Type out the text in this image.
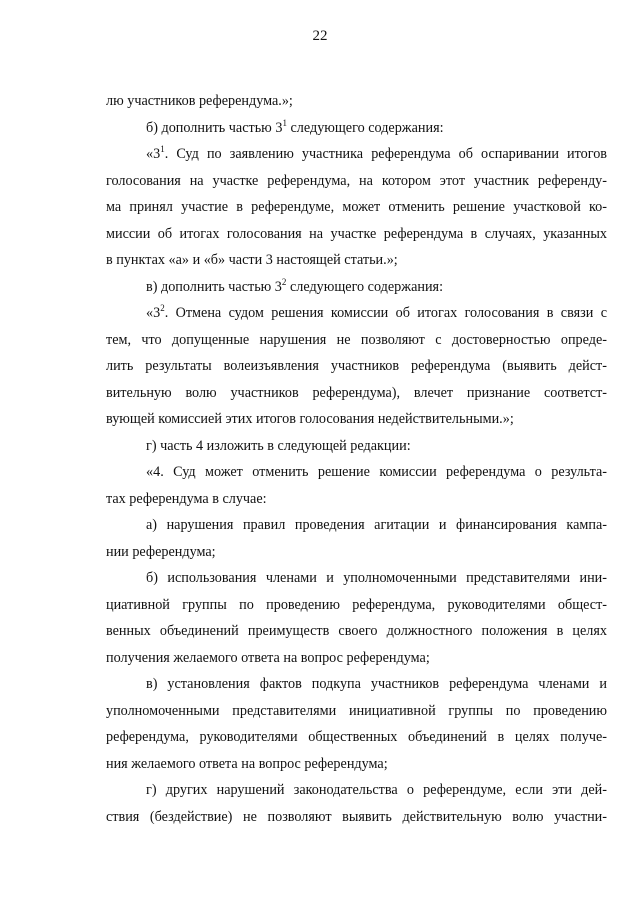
22
лю участников референдума.»;
б) дополнить частью $3^1$ следующего содержания:
«$3^1$. Суд по заявлению участника референдума об оспаривании итогов
голосования на участке референдума, на котором этот участник референду-
ма принял участие в референдуме, может отменить решение участковой ко-
миссии об итогах голосования на участке референдума в случаях, указанных
в пунктах «а» и «б» части 3 настоящей статьи.»;
в) дополнить частью $3^2$ следующего содержания:
«$3^2$. Отмена судом решения комиссии об итогах голосования в связи с
тем, что допущенные нарушения не позволяют с достоверностью опреде-
лить результаты волеизъявления участников референдума (выявить дейст-
вительную волю участников референдума), влечет признание соответст-
вующей комиссией этих итогов голосования недействительными.»;
г) часть 4 изложить в следующей редакции:
«4. Суд может отменить решение комиссии референдума о результа-
тах референдума в случае:
а) нарушения правил проведения агитации и финансирования кампа-
нии референдума;
б) использования членами и уполномоченными представителями ини-
циативной группы по проведению референдума, руководителями общест-
венных объединений преимуществ своего должностного положения в целях
получения желаемого ответа на вопрос референдума;
в) установления фактов подкупа участников референдума членами и
уполномоченными представителями инициативной группы по проведению
референдума, руководителями общественных объединений в целях получе-
ния желаемого ответа на вопрос референдума;
г) других нарушений законодательства о референдуме, если эти дей-
ствия (бездействие) не позволяют выявить действительную волю участни-
